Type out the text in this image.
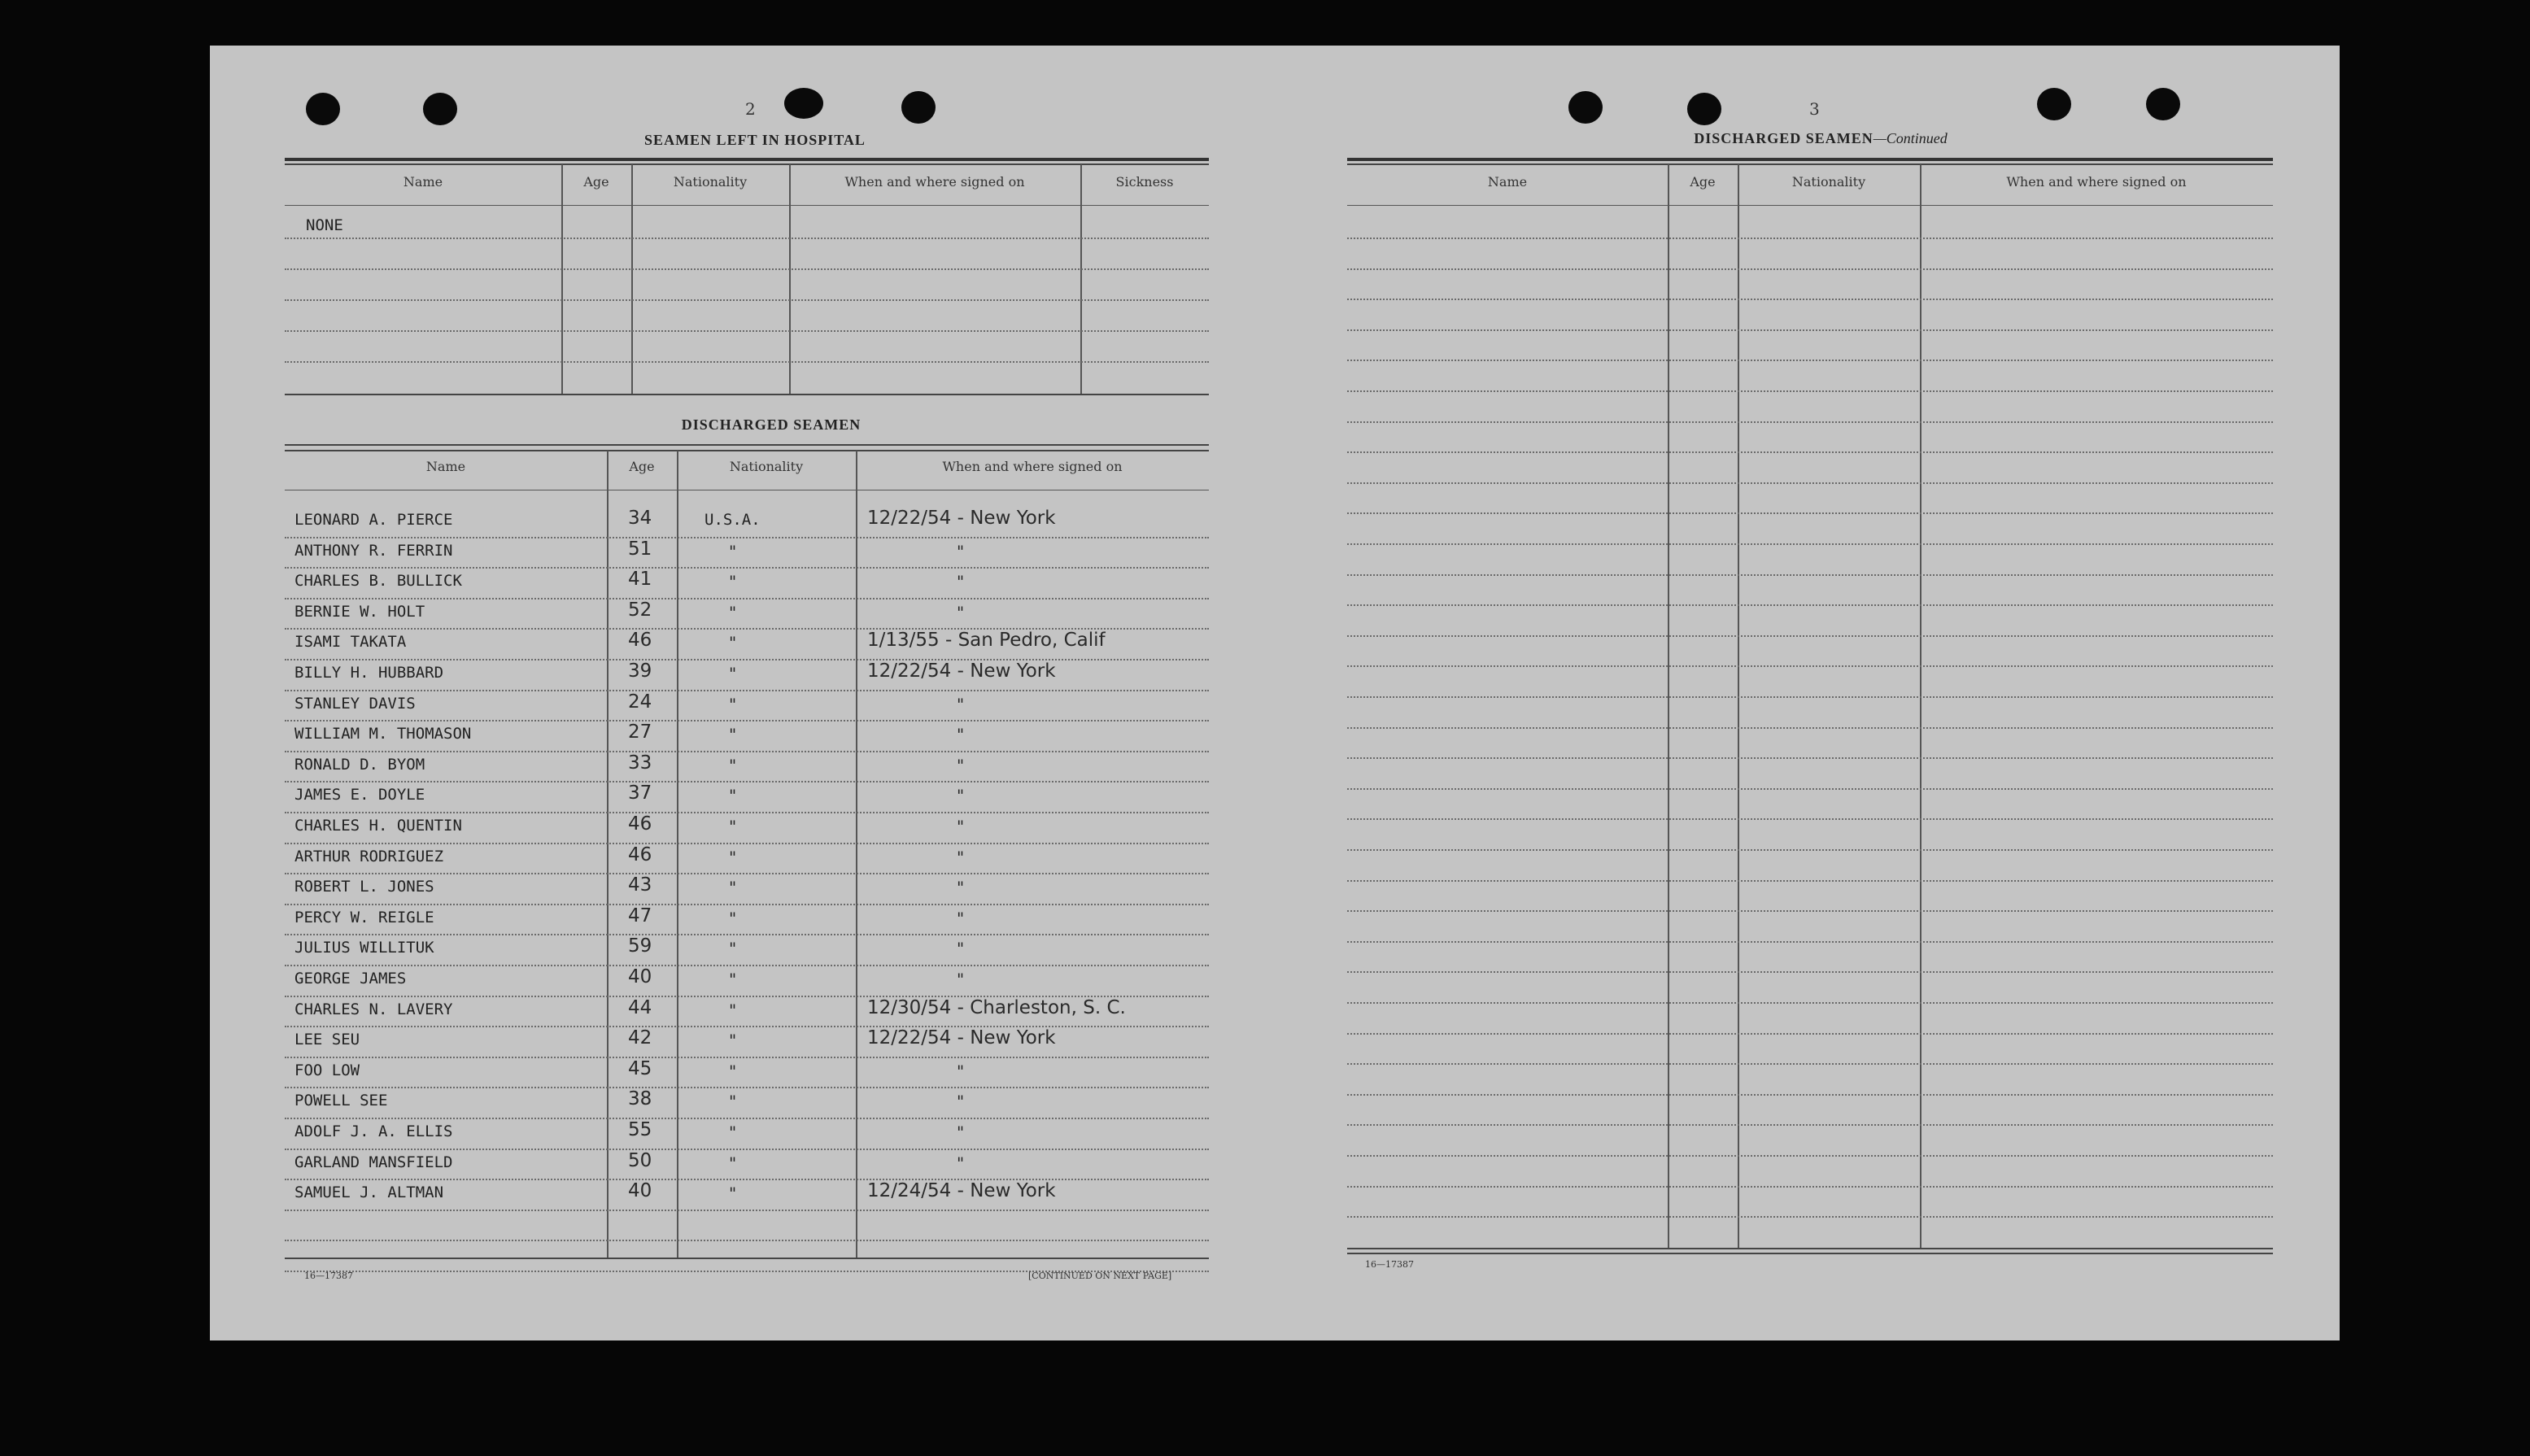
2
SEAMEN LEFT IN HOSPITAL
Name	Age	Nationality	When and where signed on	Sickness
NONE
DISCHARGED SEAMEN
Name	Age	Nationality	When and where signed on
LEONARD A. PIERCE	34	U.S.A.	12/22/54 - New York
ANTHONY R. FERRIN	51	"	"
CHARLES B. BULLICK	41	"	"
BERNIE W. HOLT	52	"	"
ISAMI TAKATA	46	"	1/13/55 - San Pedro, Calif
BILLY H. HUBBARD	39	"	12/22/54 - New York
STANLEY DAVIS	24	"	"
WILLIAM M. THOMASON	27	"	"
RONALD D. BYOM	33	"	"
JAMES E. DOYLE	37	"	"
CHARLES H. QUENTIN	46	"	"
ARTHUR RODRIGUEZ	46	"	"
ROBERT L. JONES	43	"	"
PERCY W. REIGLE	47	"	"
JULIUS WILLITUK	59	"	"
GEORGE JAMES	40	"	"
CHARLES N. LAVERY	44	"	12/30/54 - Charleston, S. C.
LEE SEU	42	"	12/22/54 - New York
FOO LOW	45	"	"
POWELL SEE	38	"	"
ADOLF J. A. ELLIS	55	"	"
GARLAND MANSFIELD	50	"	"
SAMUEL J. ALTMAN	40	"	12/24/54 - New York
16—17387	[CONTINUED ON NEXT PAGE]
3
DISCHARGED SEAMEN—Continued
Name	Age	Nationality	When and where signed on
16—17387
